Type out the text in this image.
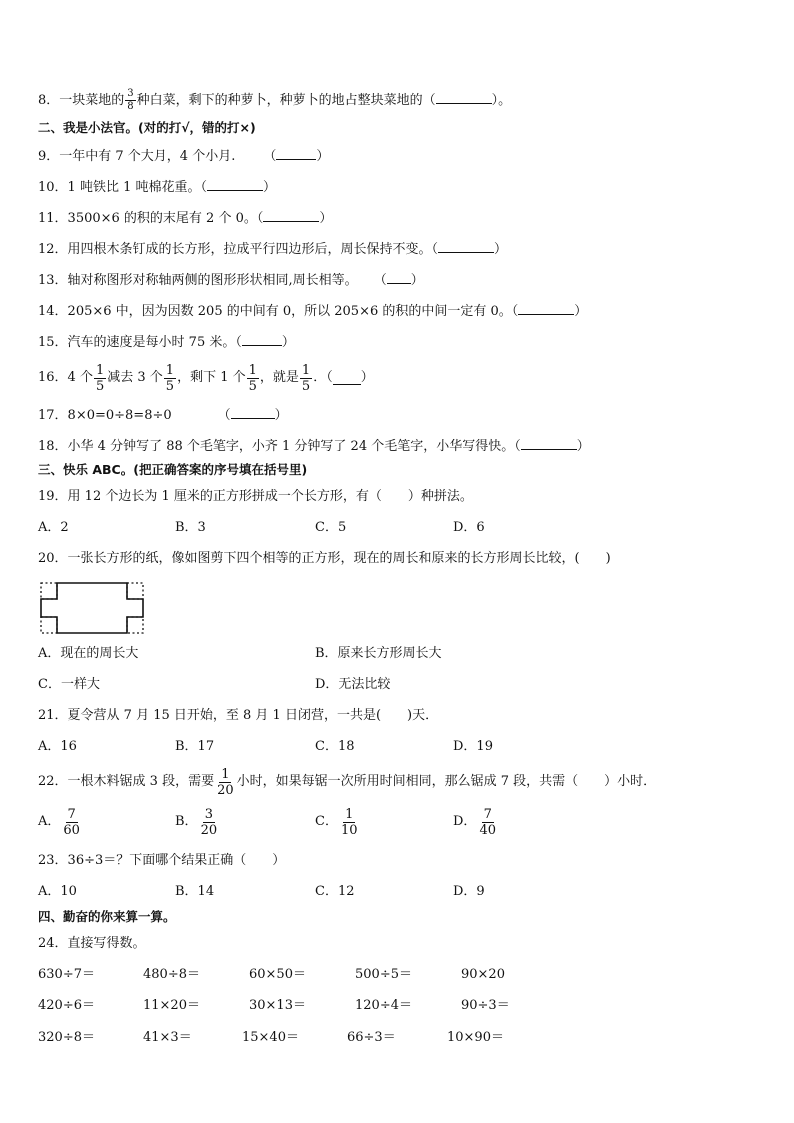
8．一块菜地的 $\frac{3}{8}$ 种白菜，剩下的种萝卜，种萝卜的地占整块菜地的（	）。
二、我是小法官。(对的打√，错的打×)
9．一年中有 7 个大月，4 个小月. （	）
10．1 吨铁比 1 吨棉花重。（	）
11．3500×6 的积的末尾有 2 个 0。（	）
12．用四根木条钉成的长方形，拉成平行四边形后，周长保持不变。（	）
13．轴对称图形对称轴两侧的图形形状相同,周长相等。 （ ）
14．205×6 中，因为因数 205 的中间有 0，所以 205×6 的积的中间一定有 0。（	）
15．汽车的速度是每小时 75 米。（	）
16．4 个 $\frac{1}{5}$ 减去 3 个 $\frac{1}{5}$ ，剩下 1 个 $\frac{1}{5}$ ，就是 $\frac{1}{5}$ ．（ ）
17．8×0=0÷8=8÷0	（	）
18．小华 4 分钟写了 88 个毛笔字，小齐 1 分钟写了 24 个毛笔字，小华写得快。（	）
三、快乐 ABC。(把正确答案的序号填在括号里)
19．用 12 个边长为 1 厘米的正方形拼成一个长方形，有（　　）种拼法。
A．2	B．3	C．5	D．6
20．一张长方形的纸，像如图剪下四个相等的正方形，现在的周长和原来的长方形周长比较，(　　)
A．现在的周长大	B．原来长方形周长大
C．一样大	D．无法比较
21．夏令营从 7 月 15 日开始，至 8 月 1 日闭营，一共是(　　)天．
A．16	B．17	C．18	D．19
22．一根木料锯成 3 段，需要 $\frac{1}{20}$ 小时，如果每锯一次所用时间相同，那么锯成 7 段，共需（　　）小时．
A． $\frac{7}{60}$	B． $\frac{3}{20}$	C． $\frac{1}{10}$	D． $\frac{7}{40}$
23．36÷3＝？下面哪个结果正确（　　）
A．10	B．14	C．12	D．9
四、勤奋的你来算一算。
24．直接写得数。
630÷7＝	480÷8＝	60×50＝	500÷5＝	90×20
420÷6＝	11×20＝	30×13＝	120÷4＝	90÷3＝
320÷8＝	41×3＝	15×40＝	66÷3＝	10×90＝
